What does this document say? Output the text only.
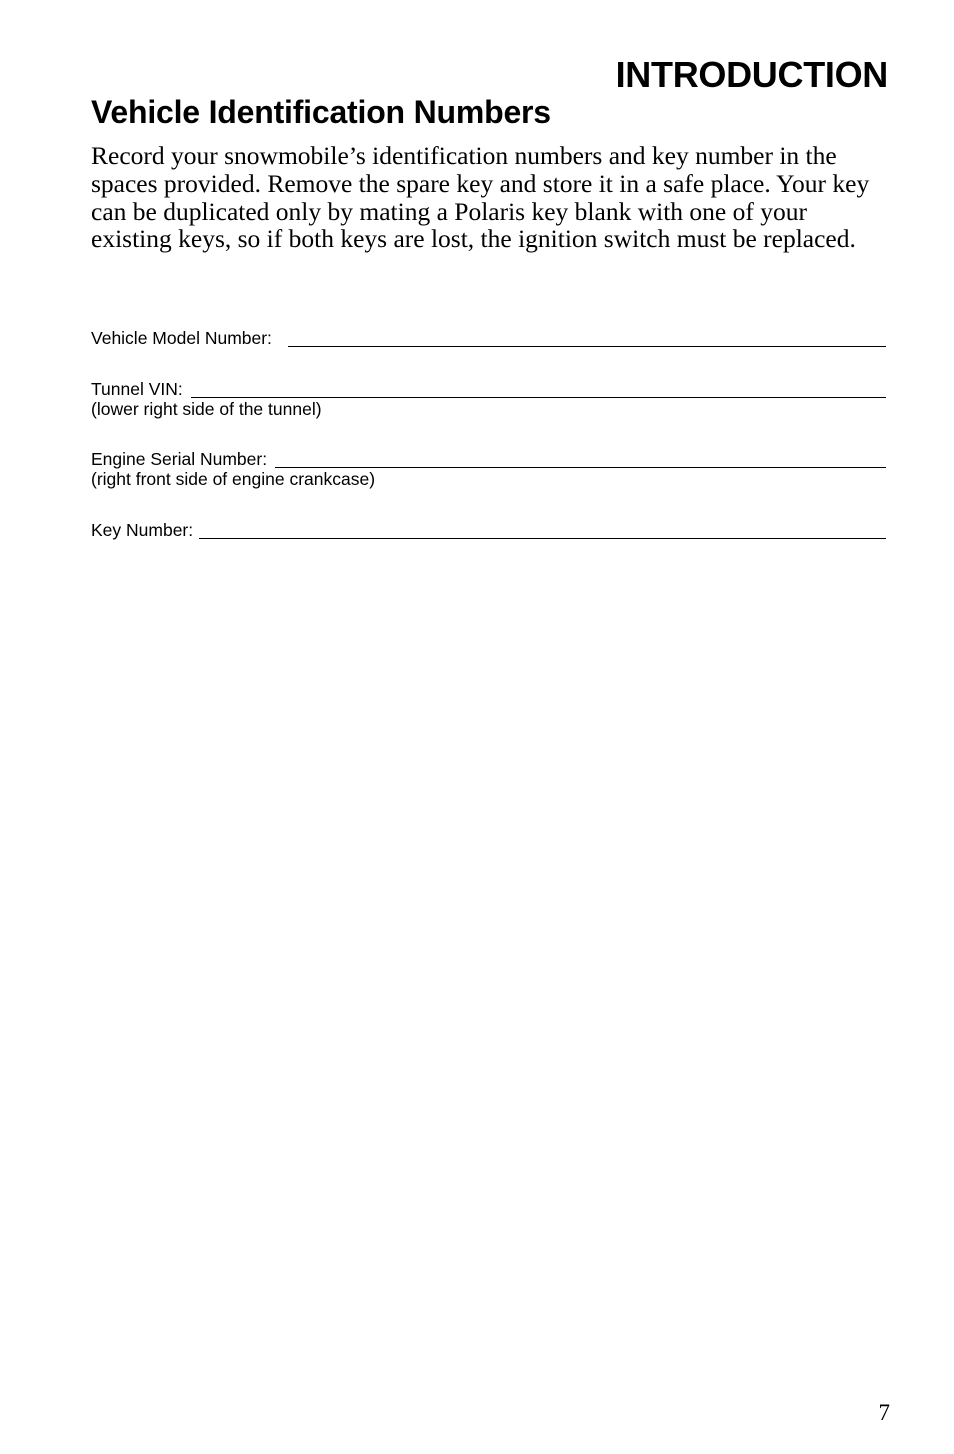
INTRODUCTION
Vehicle Identification Numbers

Record your snowmobile’s identification numbers and key number in the spaces provided. Remove the spare key and store it in a safe place. Your key can be duplicated only by mating a Polaris key blank with one of your existing keys, so if both keys are lost, the ignition switch must be replaced.

Vehicle Model Number:
Tunnel VIN:
(lower right side of the tunnel)
Engine Serial Number:
(right front side of engine crankcase)
Key Number:
7
